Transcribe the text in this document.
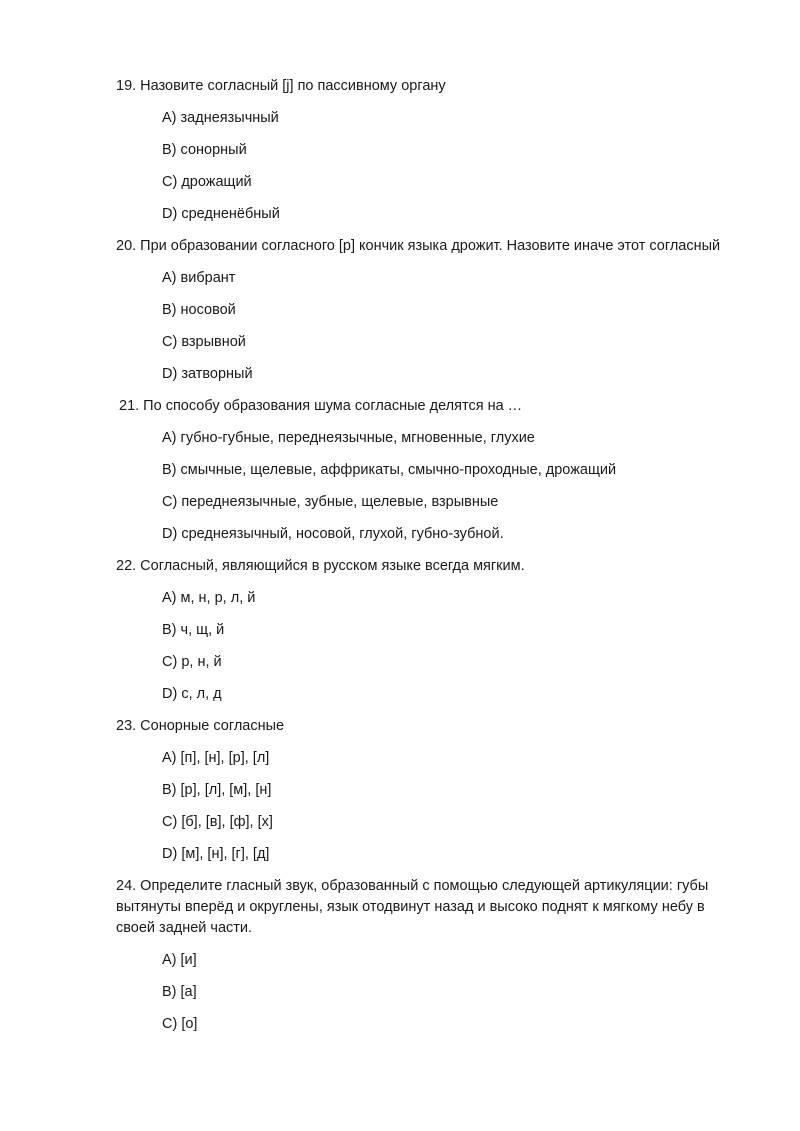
19. Назовите согласный [j] по пассивному органу
A) заднеязычный
B) сонорный
C) дрожащий
D) средненёбный
20. При образовании согласного [р] кончик языка дрожит. Назовите иначе этот согласный
A) вибрант
B) носовой
C) взрывной
D) затворный
21. По способу образования шума согласные делятся на …
A) губно-губные, переднеязычные, мгновенные, глухие
B) смычные, щелевые, аффрикаты, смычно-проходные, дрожащий
C) переднеязычные, зубные, щелевые, взрывные
D) среднеязычный, носовой, глухой, губно-зубной.
22. Согласный, являющийся в русском языке всегда мягким.
A) м, н, р, л, й
B) ч, щ, й
C) р, н, й
D) с, л, д
23. Сонорные согласные
A) [п], [н], [р], [л]
B) [р], [л], [м], [н]
C) [б], [в], [ф], [х]
D) [м], [н], [г], [д]
24. Определите гласный звук, образованный с помощью следующей артикуляции: губы вытянуты вперёд и округлены, язык отодвинут назад и высоко поднят к мягкому небу в своей задней части.
A) [и]
B) [а]
C) [о]
